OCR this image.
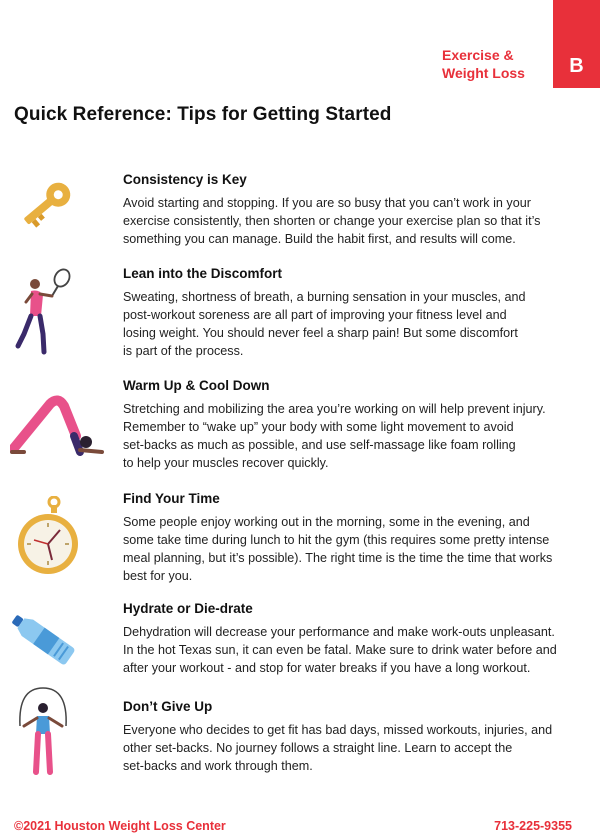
Exercise &
Weight Loss	B
Quick Reference: Tips for Getting Started
Consistency is Key
Avoid starting and stopping. If you are so busy that you can’t work in your
exercise consistently, then shorten or change your exercise plan so that it’s
something you can manage. Build the habit first, and results will come.
Lean into the Discomfort
Sweating, shortness of breath, a burning sensation in your muscles, and
post-workout soreness are all part of improving your fitness level and
losing weight. You should never feel a sharp pain! But some discomfort
is part of the process.
Warm Up & Cool Down
Stretching and mobilizing the area you’re working on will help prevent injury.
Remember to “wake up” your body with some light movement to avoid
set-backs as much as possible, and use self-massage like foam rolling
to help your muscles recover quickly.
Find Your Time
Some people enjoy working out in the morning, some in the evening, and
some take time during lunch to hit the gym (this requires some pretty intense
meal planning, but it’s possible). The right time is the time the time that works
best for you.
Hydrate or Die-drate
Dehydration will decrease your performance and make work-outs unpleasant.
In the hot Texas sun, it can even be fatal. Make sure to drink water before and
after your workout - and stop for water breaks if you have a long workout.
Don’t Give Up
Everyone who decides to get fit has bad days, missed workouts, injuries, and
other set-backs. No journey follows a straight line. Learn to accept the
set-backs and work through them.
©2021 Houston Weight Loss Center	713-225-9355
